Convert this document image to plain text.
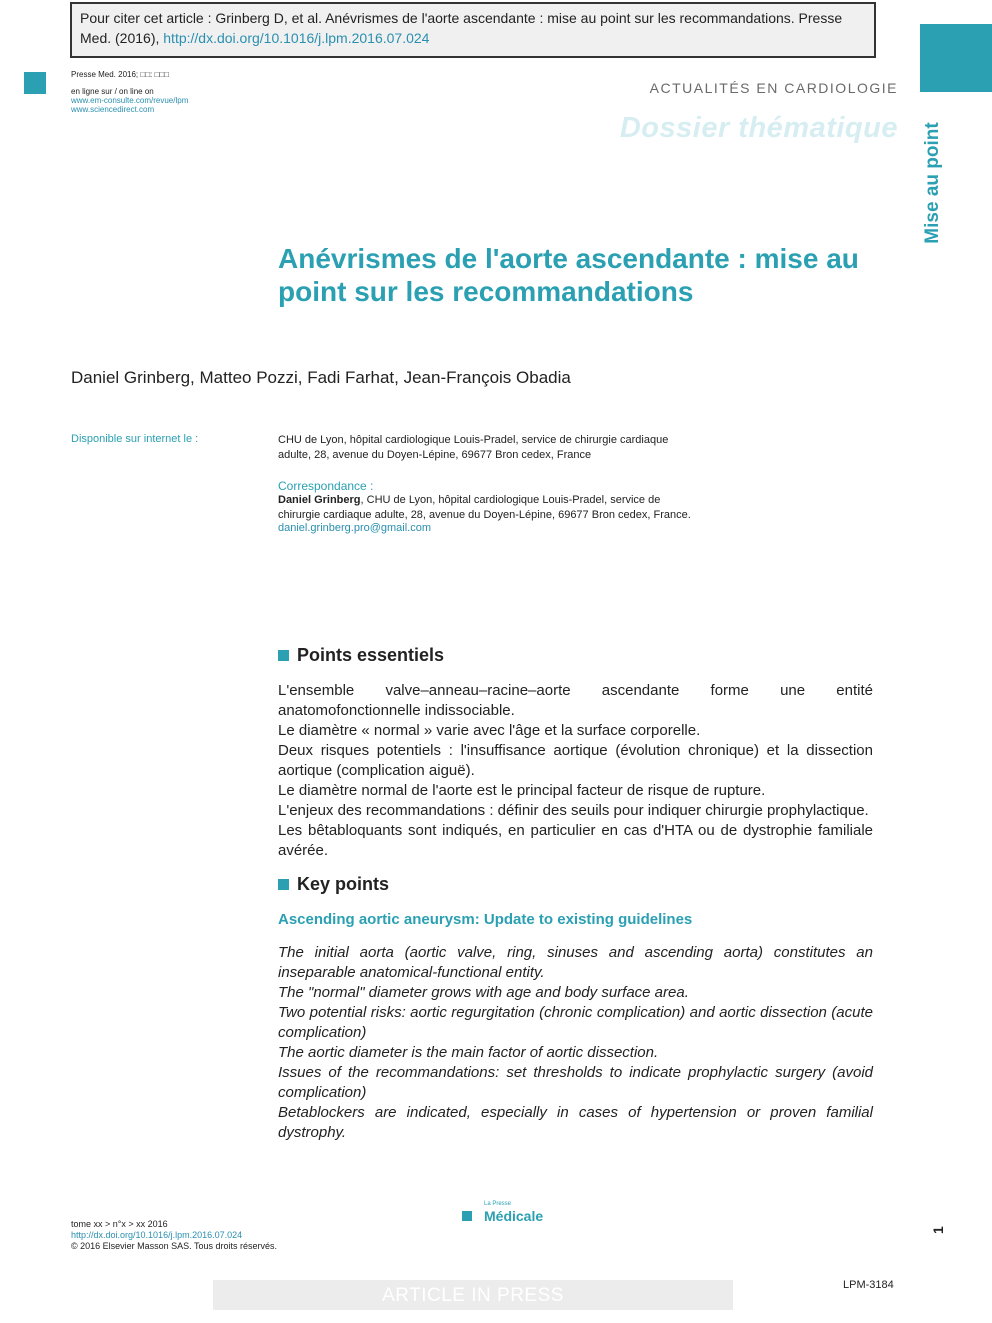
Pour citer cet article : Grinberg D, et al. Anévrismes de l'aorte ascendante : mise au point sur les recommandations. Presse Med. (2016), http://dx.doi.org/10.1016/j.lpm.2016.07.024
Presse Med. 2016; □□: □□□
en ligne sur / on line on
www.em-consulte.com/revue/lpm
www.sciencedirect.com
ACTUALITÉS EN CARDIOLOGIE
Dossier thématique Mise au point
Anévrismes de l'aorte ascendante : mise au point sur les recommandations
Daniel Grinberg, Matteo Pozzi, Fadi Farhat, Jean-François Obadia
Disponible sur internet le :	CHU de Lyon, hôpital cardiologique Louis-Pradel, service de chirurgie cardiaque adulte, 28, avenue du Doyen-Lépine, 69677 Bron cedex, France
Correspondance :
Daniel Grinberg, CHU de Lyon, hôpital cardiologique Louis-Pradel, service de chirurgie cardiaque adulte, 28, avenue du Doyen-Lépine, 69677 Bron cedex, France.
daniel.grinberg.pro@gmail.com
Points essentiels

L'ensemble valve–anneau–racine–aorte ascendante forme une entité anatomofonctionnelle indissociable.

Le diamètre « normal » varie avec l'âge et la surface corporelle.

Deux risques potentiels : l'insuffisance aortique (évolution chronique) et la dissection aortique (complication aiguë).

Le diamètre normal de l'aorte est le principal facteur de risque de rupture.

L'enjeux des recommandations : définir des seuils pour indiquer chirurgie prophylactique.

Les bêtabloquants sont indiqués, en particulier en cas d'HTA ou de dystrophie familiale avérée.

Key points
Ascending aortic aneurysm: Update to existing guidelines

The initial aorta (aortic valve, ring, sinuses and ascending aorta) constitutes an inseparable anatomical-functional entity.

The "normal" diameter grows with age and body surface area.

Two potential risks: aortic regurgitation (chronic complication) and aortic dissection (acute complication)

The aortic diameter is the main factor of aortic dissection.

Issues of the recommandations: set thresholds to indicate prophylactic surgery (avoid complication)

Betablockers are indicated, especially in cases of hypertension or proven familial dystrophy.

tome xx > n°x > xx 2016
http://dx.doi.org/10.1016/j.lpm.2016.07.024
© 2016 Elsevier Masson SAS. Tous droits réservés.
La Presse
Médicale
1
ARTICLE IN PRESS	LPM-3184
